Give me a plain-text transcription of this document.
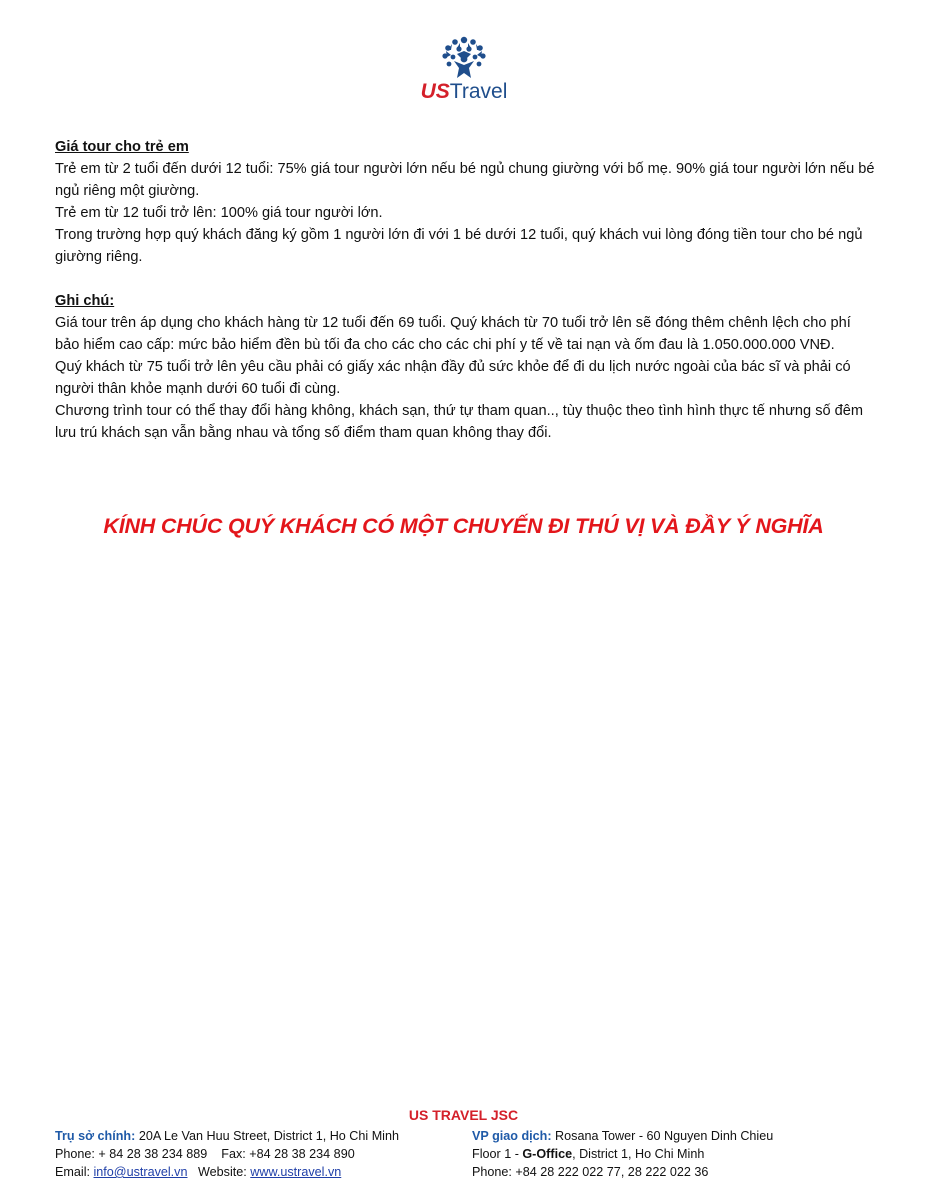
USTravel

Giá tour cho trẻ em

Trẻ em từ 2 tuổi đến dưới 12 tuổi: 75% giá tour người lớn nếu bé ngủ chung giường với bố mẹ. 90% giá tour người lớn nếu bé ngủ riêng một giường.

Trẻ em từ 12 tuổi trở lên: 100% giá tour người lớn.

Trong trường hợp quý khách đăng ký gồm 1 người lớn đi với 1 bé dưới 12 tuổi, quý khách vui lòng đóng tiền tour cho bé ngủ giường riêng.

Ghi chú:

Giá tour trên áp dụng cho khách hàng từ 12 tuổi đến 69 tuổi. Quý khách từ 70 tuổi trở lên sẽ đóng thêm chênh lệch cho phí bảo hiểm cao cấp: mức bảo hiểm đền bù tối đa cho các cho các chi phí y tế về tai nạn và ốm đau là 1.050.000.000 VNĐ.

Quý khách từ 75 tuổi trở lên yêu cầu phải có giấy xác nhận đầy đủ sức khỏe để đi du lịch nước ngoài của bác sĩ và phải có người thân khỏe mạnh dưới 60 tuổi đi cùng.

Chương trình tour có thể thay đổi hàng không, khách sạn, thứ tự tham quan.., tùy thuộc theo tình hình thực tế nhưng số đêm lưu trú khách sạn vẫn bằng nhau và tổng số điểm tham quan không thay đổi.

KÍNH CHÚC QUÝ KHÁCH CÓ MỘT CHUYẾN ĐI THÚ VỊ VÀ ĐẦY Ý NGHĨA
US TRAVEL JSC
Trụ sở chính: 20A Le Van Huu Street, District 1, Ho Chi Minh
Phone: + 84 28 38 234 889    Fax: +84 28 38 234 890
Email: info@ustravel.vn   Website: www.ustravel.vn
VP giao dịch: Rosana Tower - 60 Nguyen Dinh Chieu
Floor 1 - G-Office, District 1, Ho Chi Minh
Phone: +84 28 222 022 77, 28 222 022 36
